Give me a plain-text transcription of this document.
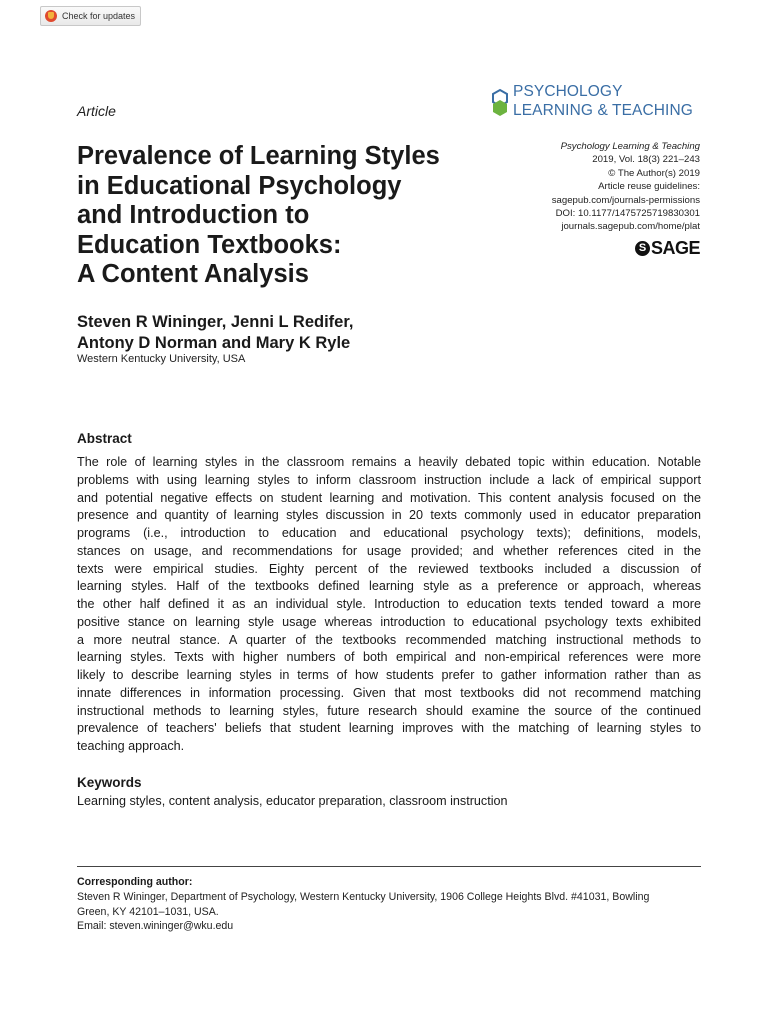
Check for updates
Article
PSYCHOLOGY
LEARNING & TEACHING
Psychology Learning & Teaching
2019, Vol. 18(3) 221–243
© The Author(s) 2019
Article reuse guidelines:
sagepub.com/journals-permissions
DOI: 10.1177/1475725719830301
journals.sagepub.com/home/plat
S SAGE
Prevalence of Learning Styles
in Educational Psychology
and Introduction to
Education Textbooks:
A Content Analysis
Steven R Wininger, Jenni L Redifer,
Antony D Norman and Mary K Ryle
Western Kentucky University, USA
Abstract
The role of learning styles in the classroom remains a heavily debated topic within education. Notable
problems with using learning styles to inform classroom instruction include a lack of empirical support
and potential negative effects on student learning and motivation. This content analysis focused on the
presence and quantity of learning styles discussion in 20 texts commonly used in educator preparation
programs (i.e., introduction to education and educational psychology texts); definitions, models,
stances on usage, and recommendations for usage provided; and whether references cited in the
texts were empirical studies. Eighty percent of the reviewed textbooks included a discussion of
learning styles. Half of the textbooks defined learning style as a preference or approach, whereas
the other half defined it as an individual style. Introduction to education texts tended toward a more
positive stance on learning style usage whereas introduction to educational psychology texts exhibited
a more neutral stance. A quarter of the textbooks recommended matching instructional methods to
learning styles. Texts with higher numbers of both empirical and non-empirical references were more
likely to describe learning styles in terms of how students prefer to gather information rather than as
innate differences in information processing. Given that most textbooks did not recommend matching
instructional methods to learning styles, future research should examine the source of the continued
prevalence of teachers' beliefs that student learning improves with the matching of learning styles to
teaching approach.
Keywords
Learning styles, content analysis, educator preparation, classroom instruction
Corresponding author:
Steven R Wininger, Department of Psychology, Western Kentucky University, 1906 College Heights Blvd. #41031, Bowling
Green, KY 42101–1031, USA.
Email: steven.wininger@wku.edu
